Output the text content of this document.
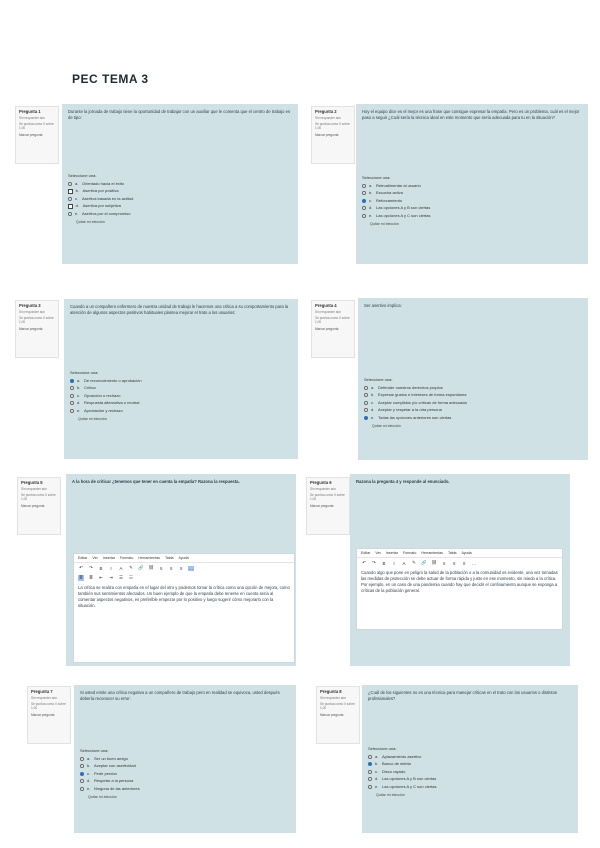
PEC TEMA 3
Pregunta 1
Sin responder aún
Se puntúa como 0 sobre 1,00
Marcar pregunta
Durante la jornada de trabajo tiene la oportunidad de trabajar con un auxiliar que le comenta que el centro de trabajo es de tipo:
Seleccione una:
a. Orientado hacia el éxito
b. Asertiva por positiva
c. Asertiva basada en la actitud
d. Asertiva por subjetiva
e. Asertiva por el compromiso
Quitar mi elección
Pregunta 2
Sin responder aún
Se puntúa como 0 sobre 1,00
Marcar pregunta
Hoy el equipo dice es el mejor es una frase que consigue expresar la empatía. Pero es un problema, cuál es el mejor paso a seguir ¿Cuál sería la técnica ideal en este momento que sería adecuada para tu en la situación?
Seleccione una:
a. Retroalimentar al usuario
b. Escucha activa
c. Reforzamiento
d. Las opciones A y B son ciertas
e. Las opciones A y C son ciertas
Quitar mi elección
Pregunta 3
Sin responder aún
Se puntúa como 0 sobre 1,00
Marcar pregunta
Cuando a un compañero enfermero de nuestra unidad de trabajo le hacemos una crítica a su comportamiento para la atención de algunos aspectos positivos habituales plantea mejorar el trato a los usuarios:
Seleccione una:
a. De reconocimiento o aprobación
b. Crítica
c. Oposición o rechazo
d. Respuesta alternativa o neutral
e. Aprobación y rechazo
Quitar mi elección
Pregunta 4
Sin responder aún
Se puntúa como 0 sobre 1,00
Marcar pregunta
Ser asertivo implica:
Seleccione una:
a. Defender nuestros derechos propios
b. Expresar gustos e intereses de forma espontánea
c. Aceptar cumplidos y/o críticas de forma adecuada
d. Aceptar y respetar a la otra persona
e. Todas las opciones anteriores son ciertas
Quitar mi elección
Pregunta 5
Sin responder aún
Se puntúa como 0 sobre 1,00
Marcar pregunta
A la hora de criticar ¿tenemos que tener en cuenta la empatía? Razona la respuesta.
Editar Ver Insertar Formato Herramientas Tabla Ayuda
↶ ↷	B	I	A	✎ 🔗 ⛓	≡	≡	≡	…
≣ ≣ ⇤ ⇥ ☰ ☷
La crítica se realiza con empatía en el lugar del otro y podemos tomar la crítica como una opción de mejora, como también sus sentimientos afectados. Un buen ejemplo de que la empatía debe tenerse en cuenta sería al comentar aspectos negativos, es preferible empezar por lo positivo y luego sugerir cómo mejorarlo con la situación.
Pregunta 6
Sin responder aún
Se puntúa como 0 sobre 1,00
Marcar pregunta
Razona la pregunta 4 y responde al enunciado.
Editar Ver Insertar Formato Herramientas Tabla Ayuda
↶ ↷	B	I	A	✎ 🔗 ⛓	≡	≡	≡	…
Cuando algo que pone en peligro la salud de la población o a la comunidad es evidente, una vez tomadas las medidas de protección se debe actuar de forma rápida y justo en ese momento, sin miedo a la crítica. Por ejemplo, en un caso de una pandemia cuando hay que decidir el confinamiento aunque se exponga a críticas de la población general.
Pregunta 7
Sin responder aún
Se puntúa como 0 sobre 1,00
Marcar pregunta
Si usted emite una crítica negativa a un compañero de trabajo pero en realidad se equivoca, usted después debería reconocer su error:
Seleccione una:
a. Ser un buen amigo
b. Aceptar con asertividad
c. Pedir perdón
d. Respetar a la persona
e. Ninguna de las anteriores
Quitar mi elección
Pregunta 8
Sin responder aún
Se puntúa como 0 sobre 1,00
Marcar pregunta
¿Cuál de los siguientes no es una técnica para manejar críticas en el trato con los usuarios o distintos profesionales?
Seleccione una:
a. Aplazamiento asertivo
b. Banco de niebla
c. Disco rayado
d. Las opciones A y B son ciertas
e. Las opciones A y C son ciertas
Quitar mi elección
